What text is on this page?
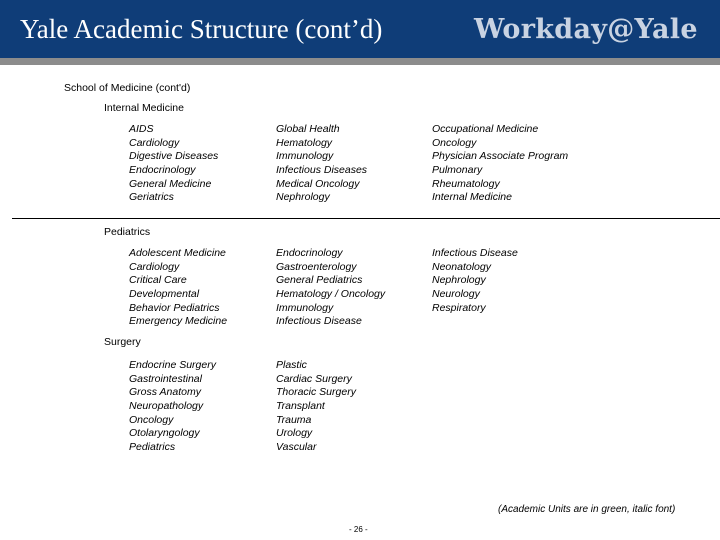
Yale Academic Structure (cont’d)	Workday@Yale
School of Medicine (cont'd)
Internal Medicine
AIDS
Cardiology
Digestive Diseases
Endocrinology
General Medicine
Geriatrics
Global Health
Hematology
Immunology
Infectious Diseases
Medical Oncology
Nephrology
Occupational Medicine
Oncology
Physician Associate Program
Pulmonary
Rheumatology
Internal Medicine
Pediatrics
Adolescent Medicine
Cardiology
Critical Care
Developmental
Behavior Pediatrics
Emergency Medicine
Endocrinology
Gastroenterology
General Pediatrics
Hematology / Oncology
Immunology
Infectious Disease
Infectious Disease
Neonatology
Nephrology
Neurology
Respiratory
Surgery
Endocrine Surgery
Gastrointestinal
Gross Anatomy
Neuropathology
Oncology
Otolaryngology
Pediatrics
Plastic
Cardiac Surgery
Thoracic Surgery
Transplant
Trauma
Urology
Vascular
(Academic Units are in green, italic font)
- 26 -
